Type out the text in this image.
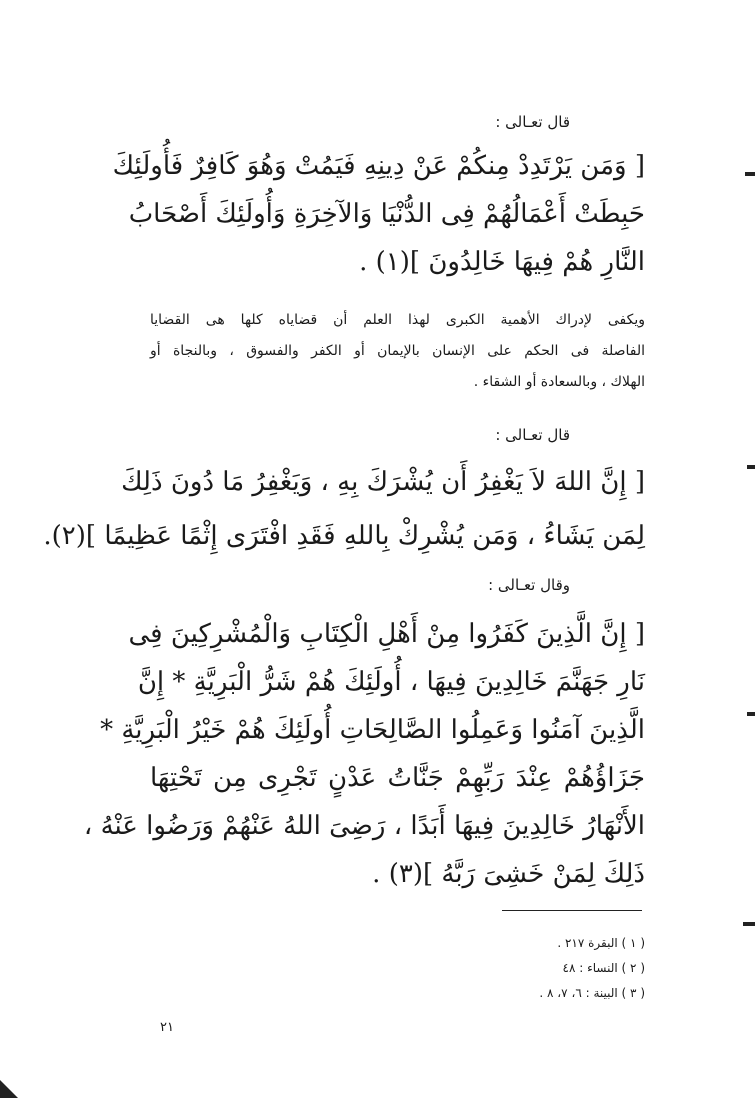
قال تعـالى :
[ وَمَن يَرْتَدِدْ مِنكُمْ عَنْ دِينِهِ فَيَمُتْ وَهُوَ كَافِرٌ فَأُولَئِكَ
حَبِطَتْ أَعْمَالُهُمْ فِى الدُّنْيَا وَالآخِرَةِ وَأُولَئِكَ أَصْحَابُ
النَّارِ هُمْ فِيهَا خَالِدُونَ ](١) .
ويكفى لإدراك الأهمية الكبرى لهذا العلم أن قضاياه كلها هى القضايا
الفاصلة فى الحكم على الإنسان بالإيمان أو الكفر والفسوق ، وبالنجاة أو
الهلاك ، وبالسعادة أو الشقاء .
قال تعـالى :
[ إِنَّ اللهَ لاَ يَغْفِرُ أَن يُشْرَكَ بِهِ ، وَيَغْفِرُ مَا دُونَ ذَلِكَ
لِمَن يَشَاءُ ، وَمَن يُشْرِكْ بِاللهِ فَقَدِ افْتَرَى إِثْمًا عَظِيمًا ](٢).
وقال تعـالى :
[ إِنَّ الَّذِينَ كَفَرُوا مِنْ أَهْلِ الْكِتَابِ وَالْمُشْرِكِينَ فِى
نَارِ جَهَنَّمَ خَالِدِينَ فِيهَا ، أُولَئِكَ هُمْ شَرُّ الْبَرِيَّةِ * إِنَّ
الَّذِينَ آمَنُوا وَعَمِلُوا الصَّالِحَاتِ أُولَئِكَ هُمْ خَيْرُ الْبَرِيَّةِ *
جَزَاؤُهُمْ عِنْدَ رَبِّهِمْ جَنَّاتُ عَدْنٍ تَجْرِى مِن تَحْتِهَا
الأَنْهَارُ خَالِدِينَ فِيهَا أَبَدًا ، رَضِىَ اللهُ عَنْهُمْ وَرَضُوا عَنْهُ ،
ذَلِكَ لِمَنْ خَشِىَ رَبَّهُ ](٣) .
( ١ ) البقرة ٢١٧ .
( ٢ ) النساء : ٤٨
( ٣ ) البينة : ٦، ٧، ٨ .
٢١
